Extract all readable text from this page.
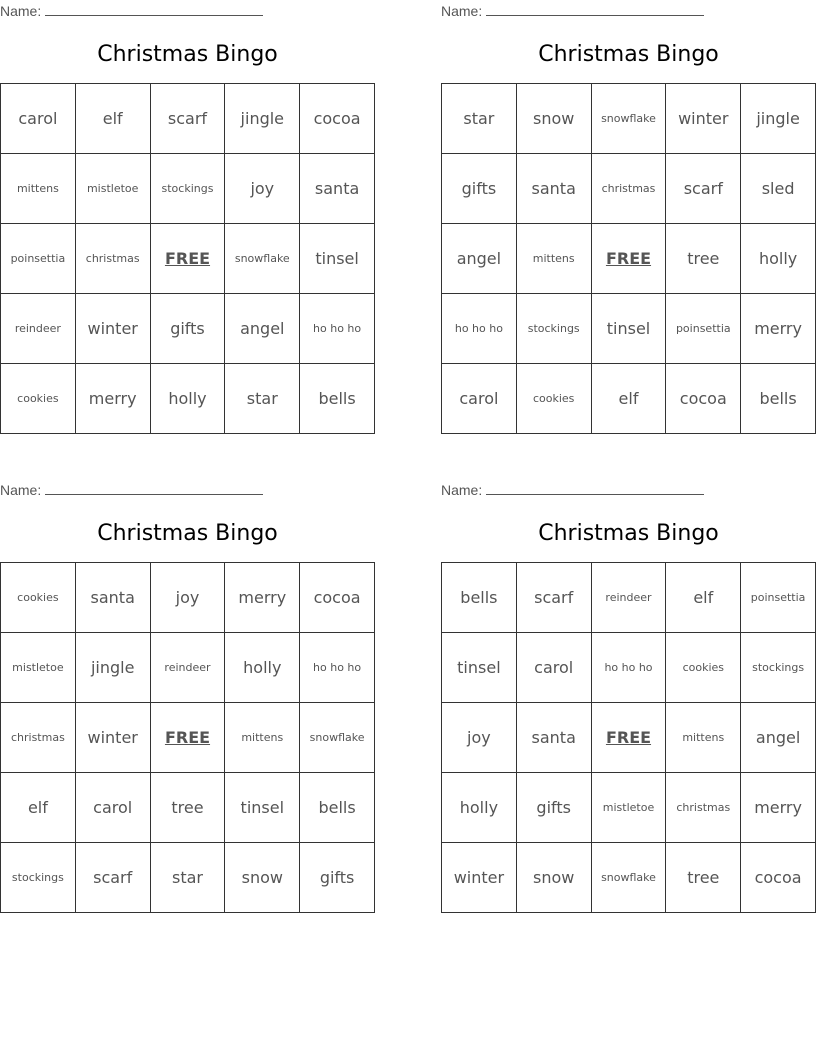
Name:
Christmas Bingo
carol	elf	scarf	jingle	cocoa
mittens	mistletoe	stockings	joy	santa
poinsettia	christmas	FREE	snowflake	tinsel
reindeer	winter	gifts	angel	ho ho ho
cookies	merry	holly	star	bells
Name:
Christmas Bingo
star	snow	snowflake	winter	jingle
gifts	santa	christmas	scarf	sled
angel	mittens	FREE	tree	holly
ho ho ho	stockings	tinsel	poinsettia	merry
carol	cookies	elf	cocoa	bells
Name:
Christmas Bingo
cookies	santa	joy	merry	cocoa
mistletoe	jingle	reindeer	holly	ho ho ho
christmas	winter	FREE	mittens	snowflake
elf	carol	tree	tinsel	bells
stockings	scarf	star	snow	gifts
Name:
Christmas Bingo
bells	scarf	reindeer	elf	poinsettia
tinsel	carol	ho ho ho	cookies	stockings
joy	santa	FREE	mittens	angel
holly	gifts	mistletoe	christmas	merry
winter	snow	snowflake	tree	cocoa
